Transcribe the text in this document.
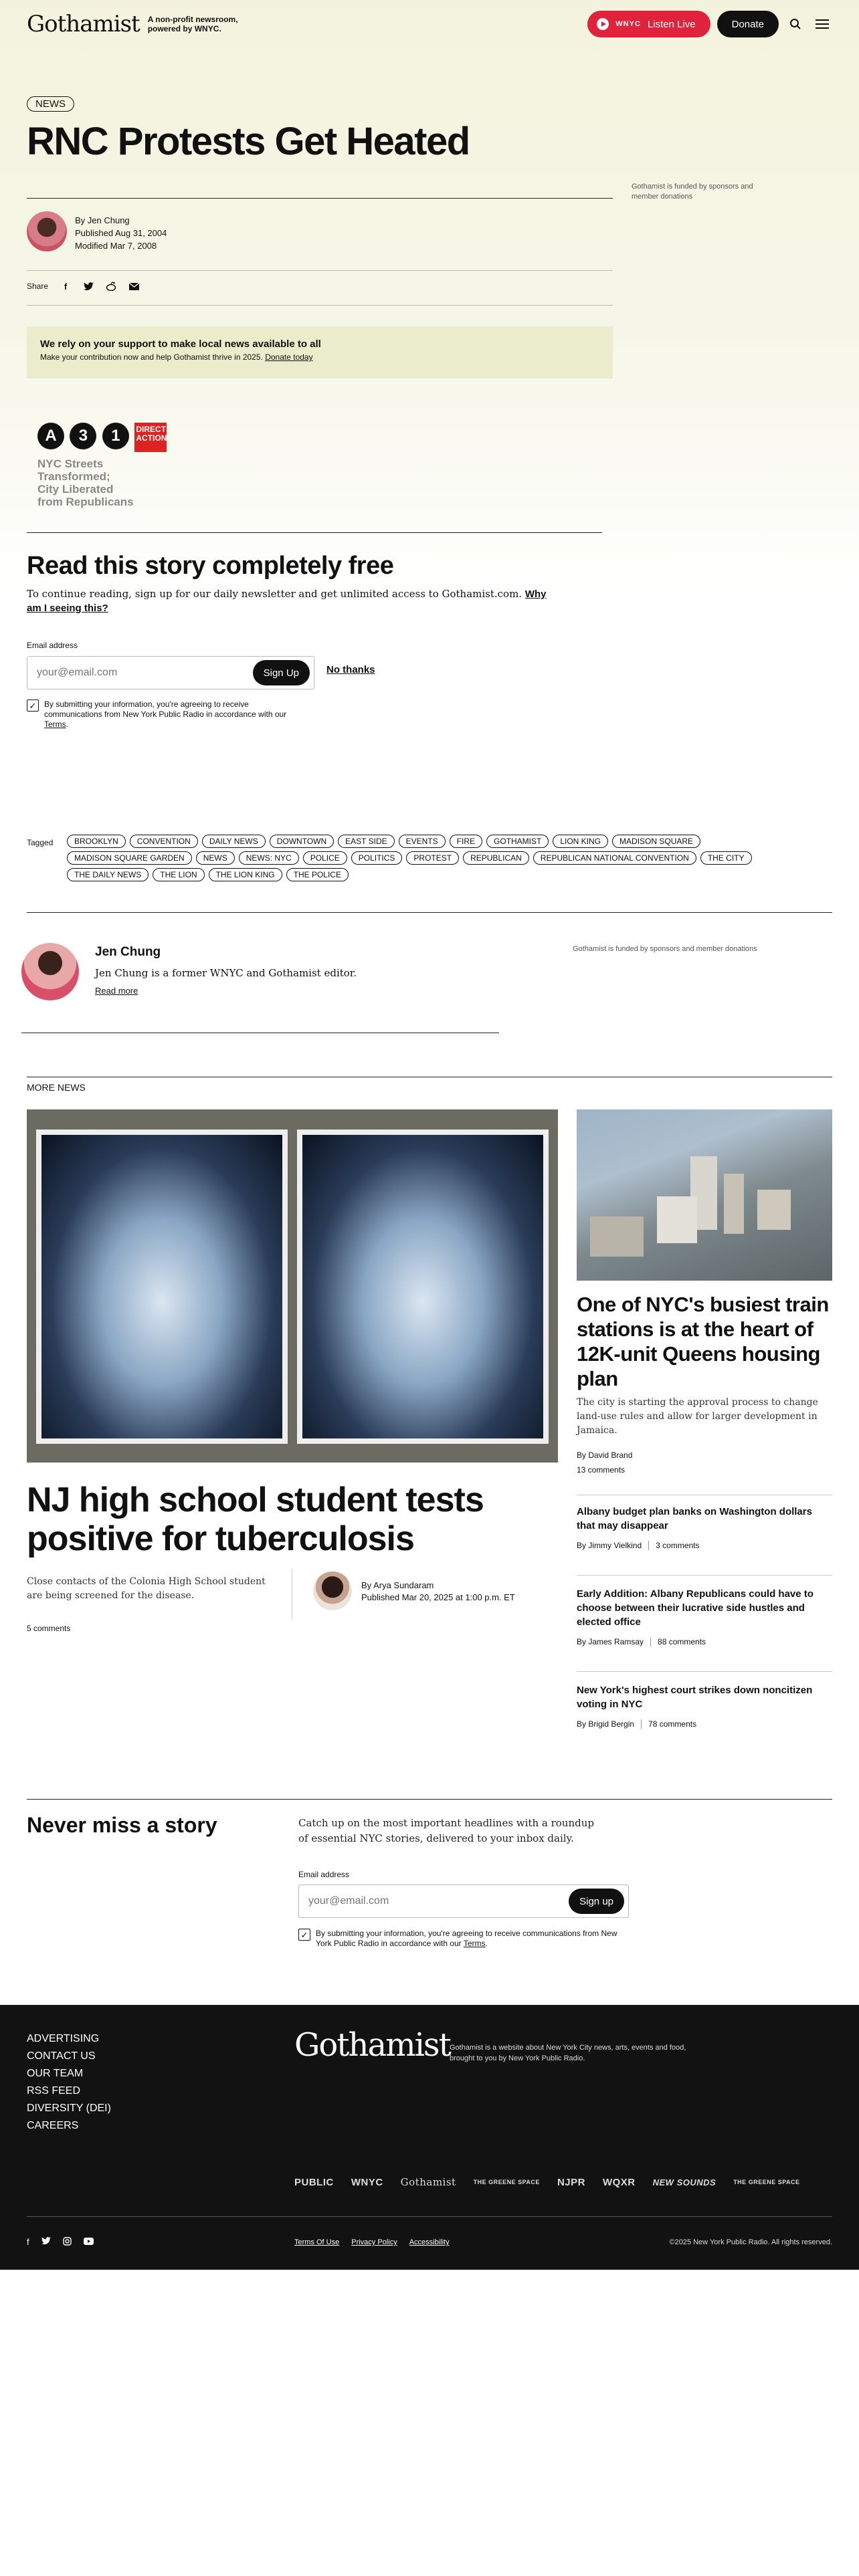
Gothamist A non-profit newsroom,
powered by WNYC.	WNYC Listen Live	Donate
NEWS
RNC Protests Get Heated
Gothamist is funded by sponsors and member donations
By Jen Chung
Published Aug 31, 2004
Modified Mar 7, 2008
Share	f
We rely on your support to make local news available to all
Make your contribution now and help Gothamist thrive in 2025. Donate today
A 3 1 DIRECT ACTION
NYC Streets Transformed;
City Liberated
from Republicans
Read this story completely free

To continue reading, sign up for our daily newsletter and get unlimited access to Gothamist.com. Why am I seeing this?

Email address
your@email.com
Sign Up	No thanks
✓ By submitting your information, you're agreeing to receive communications from New York Public Radio in accordance with our Terms.
Tagged	BROOKLYN	CONVENTION	DAILY NEWS	DOWNTOWN	EAST SIDE	EVENTS	FIRE	GOTHAMIST	LION KING	MADISON SQUARE
MADISON SQUARE GARDEN	NEWS	NEWS: NYC	POLICE	POLITICS	PROTEST	REPUBLICAN	REPUBLICAN NATIONAL CONVENTION	THE CITY
THE DAILY NEWS	THE LION	THE LION KING	THE POLICE
Jen Chung
Jen Chung is a former WNYC and Gothamist editor.
Read more
Gothamist is funded by sponsors and member donations
MORE NEWS
NJ high school student tests positive for tuberculosis

Close contacts of the Colonia High School student are being screened for the disease.

By Arya Sundaram
Published Mar 20, 2025 at 1:00 p.m. ET
5 comments
One of NYC's busiest train stations is at the heart of 12K-unit Queens housing plan

The city is starting the approval process to change land-use rules and allow for larger development in Jamaica.

By David Brand
13 comments
Albany budget plan banks on Washington dollars that may disappear
By Jimmy Vielkind 3 comments
Early Addition: Albany Republicans could have to choose between their lucrative side hustles and elected office
By James Ramsay 88 comments
New York's highest court strikes down noncitizen voting in NYC
By Brigid Bergin 78 comments
Never miss a story	Catch up on the most important headlines with a roundup of essential NYC stories, delivered to your inbox daily.

Email address
your@email.com
Sign up
✓ By submitting your information, you're agreeing to receive communications from New York Public Radio in accordance with our Terms.
ADVERTISING
CONTACT US
OUR TEAM
RSS FEED
DIVERSITY (DEI)
CAREERS
Gothamist Gothamist is a website about New York City news, arts, events and food, brought to you by New York Public Radio.
PUBLIC WNYC Gothamist	THE GREENE SPACE NJPR WQXR NEW SOUNDS	THE GREENE SPACE
f	Terms Of Use Privacy Policy Accessibility	©2025 New York Public Radio. All rights reserved.
